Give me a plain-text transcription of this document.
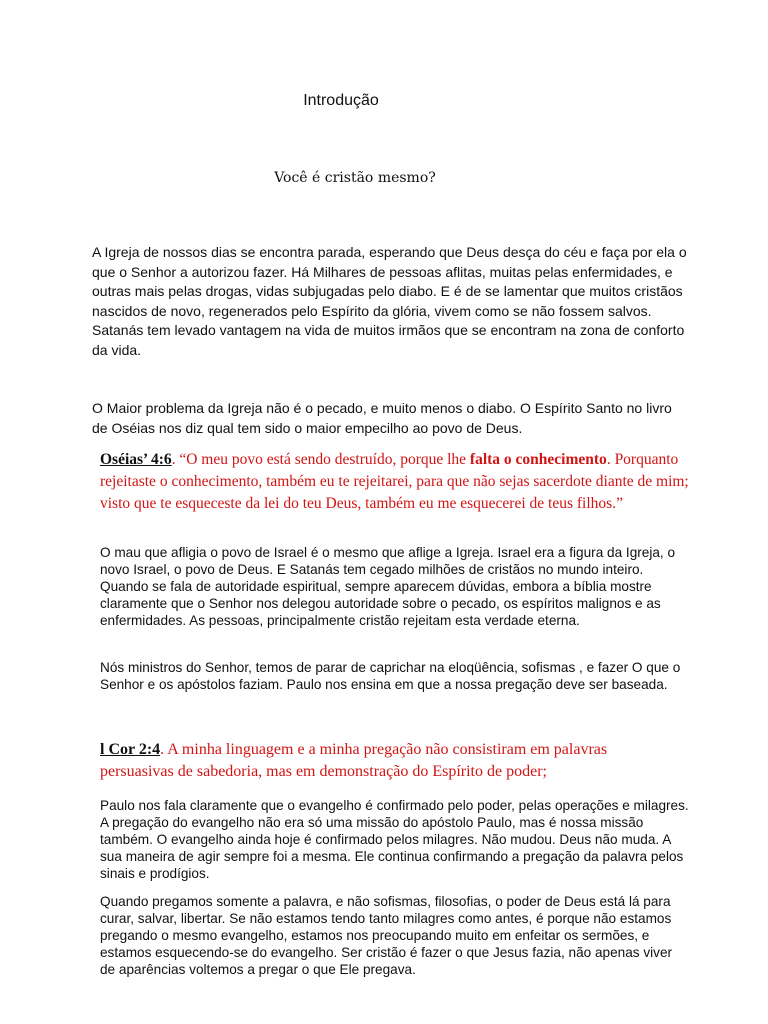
Introdução
Você é cristão mesmo?

A Igreja de nossos dias se encontra parada, esperando que Deus desça do céu e faça por ela o que o Senhor a autorizou fazer. Há Milhares de pessoas aflitas, muitas pelas enfermidades, e outras mais pelas drogas, vidas subjugadas pelo diabo. E é de se lamentar que muitos cristãos nascidos de novo, regenerados pelo Espírito da glória, vivem como se não fossem salvos. Satanás tem levado vantagem na vida de muitos irmãos que se encontram na zona de conforto da vida.

O Maior problema da Igreja não é o pecado, e muito menos o diabo. O Espírito Santo no livro de Oséias nos diz qual tem sido o maior empecilho ao povo de Deus.

Oséias’ 4:6. “O meu povo está sendo destruído, porque lhe falta o conhecimento. Porquanto rejeitaste o conhecimento, também eu te rejeitarei, para que não sejas sacerdote diante de mim; visto que te esqueceste da lei do teu Deus, também eu me esquecerei de teus filhos.”

O mau que afligia o povo de Israel é o mesmo que aflige a Igreja. Israel era a figura da Igreja, o novo Israel, o povo de Deus. E Satanás tem cegado milhões de cristãos no mundo inteiro. Quando se fala de autoridade espiritual, sempre aparecem dúvidas, embora a bíblia mostre claramente que o Senhor nos delegou autoridade sobre o pecado, os espíritos malignos e as enfermidades. As pessoas, principalmente cristão rejeitam esta verdade eterna.

Nós ministros do Senhor, temos de parar de caprichar na eloqüência, sofismas , e fazer O que o Senhor e os apóstolos faziam. Paulo nos ensina em que a nossa pregação deve ser baseada.

l Cor 2:4. A minha linguagem e a minha pregação não consistiram em palavras persuasivas de sabedoria, mas em demonstração do Espírito de poder;

Paulo nos fala claramente que o evangelho é confirmado pelo poder, pelas operações e milagres. A pregação do evangelho não era só uma missão do apóstolo Paulo, mas é nossa missão também. O evangelho ainda hoje é confirmado pelos milagres. Não mudou. Deus não muda. A sua maneira de agir sempre foi a mesma. Ele continua confirmando a pregação da palavra pelos sinais e prodígios.

Quando pregamos somente a palavra, e não sofismas, filosofias, o poder de Deus está lá para curar, salvar, libertar. Se não estamos tendo tanto milagres como antes, é porque não estamos pregando o mesmo evangelho, estamos nos preocupando muito em enfeitar os sermões, e estamos esquecendo-se do evangelho. Ser cristão é fazer o que Jesus fazia, não apenas viver de aparências voltemos a pregar o que Ele pregava.
